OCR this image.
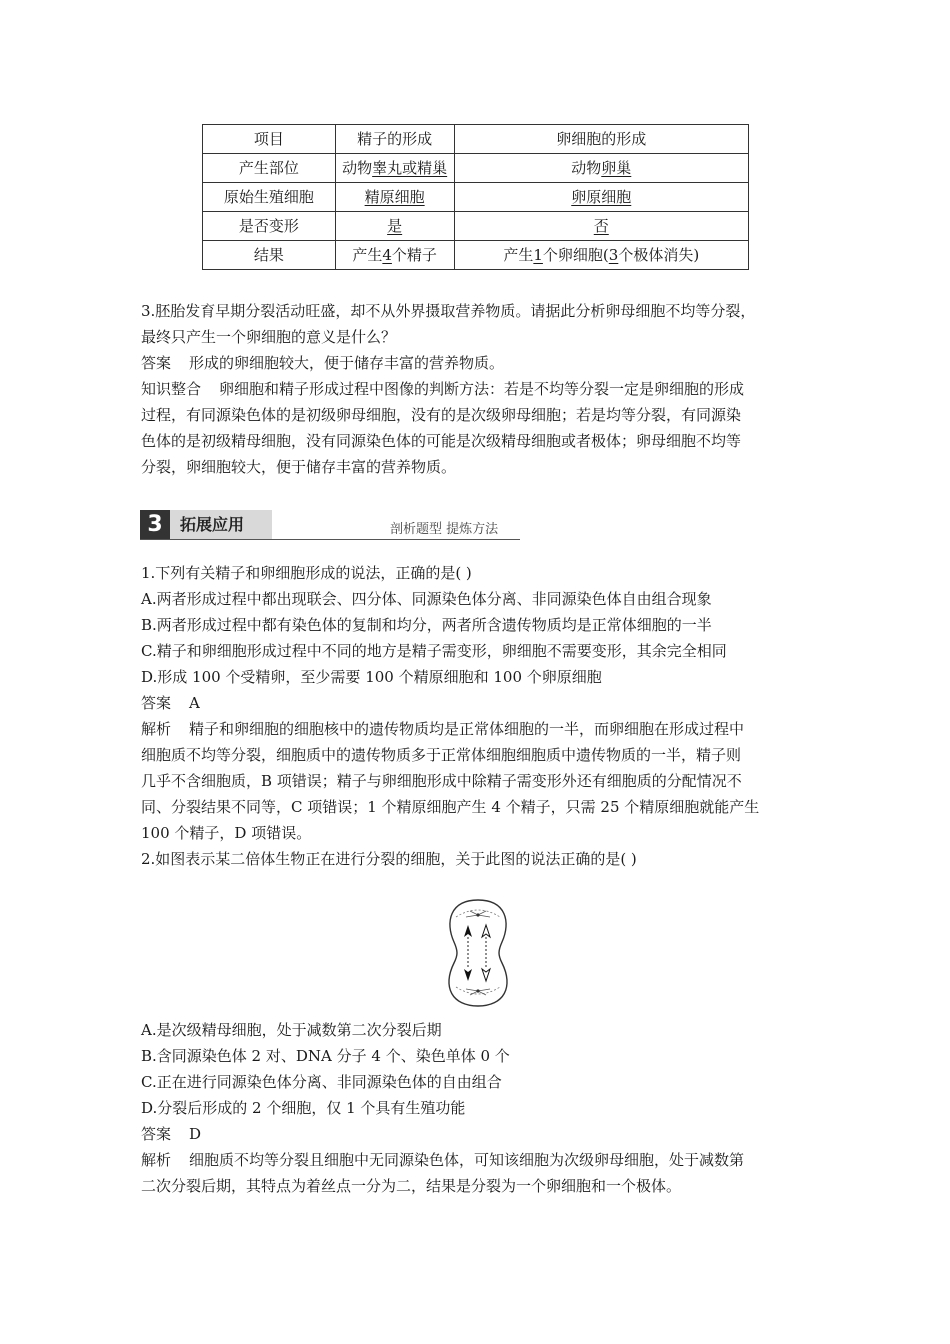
项目	精子的形成	卵细胞的形成
产生部位	动物睾丸或精巢	动物卵巢
原始生殖细胞	精原细胞	卵原细胞
是否变形	是	否
结果	产生4个精子	产生1个卵细胞(3个极体消失)
3.胚胎发育早期分裂活动旺盛，却不从外界摄取营养物质。请据此分析卵母细胞不均等分裂，
最终只产生一个卵细胞的意义是什么？
答案 形成的卵细胞较大，便于储存丰富的营养物质。
知识整合 卵细胞和精子形成过程中图像的判断方法：若是不均等分裂一定是卵细胞的形成
过程，有同源染色体的是初级卵母细胞，没有的是次级卵母细胞；若是均等分裂，有同源染
色体的是初级精母细胞，没有同源染色体的可能是次级精母细胞或者极体；卵母细胞不均等
分裂，卵细胞较大，便于储存丰富的营养物质。
3	拓展应用	剖析题型 提炼方法
1.下列有关精子和卵细胞形成的说法，正确的是( )
A.两者形成过程中都出现联会、四分体、同源染色体分离、非同源染色体自由组合现象
B.两者形成过程中都有染色体的复制和均分，两者所含遗传物质均是正常体细胞的一半
C.精子和卵细胞形成过程中不同的地方是精子需变形，卵细胞不需要变形，其余完全相同
D.形成 100 个受精卵，至少需要 100 个精原细胞和 100 个卵原细胞
答案 A
解析 精子和卵细胞的细胞核中的遗传物质均是正常体细胞的一半，而卵细胞在形成过程中
细胞质不均等分裂，细胞质中的遗传物质多于正常体细胞细胞质中遗传物质的一半，精子则
几乎不含细胞质，B 项错误；精子与卵细胞形成中除精子需变形外还有细胞质的分配情况不
同、分裂结果不同等，C 项错误；1 个精原细胞产生 4 个精子，只需 25 个精原细胞就能产生
100 个精子，D 项错误。
2.如图表示某二倍体生物正在进行分裂的细胞，关于此图的说法正确的是( )
A.是次级精母细胞，处于减数第二次分裂后期
B.含同源染色体 2 对、DNA 分子 4 个、染色单体 0 个
C.正在进行同源染色体分离、非同源染色体的自由组合
D.分裂后形成的 2 个细胞，仅 1 个具有生殖功能
答案 D
解析 细胞质不均等分裂且细胞中无同源染色体，可知该细胞为次级卵母细胞，处于减数第
二次分裂后期，其特点为着丝点一分为二，结果是分裂为一个卵细胞和一个极体。
